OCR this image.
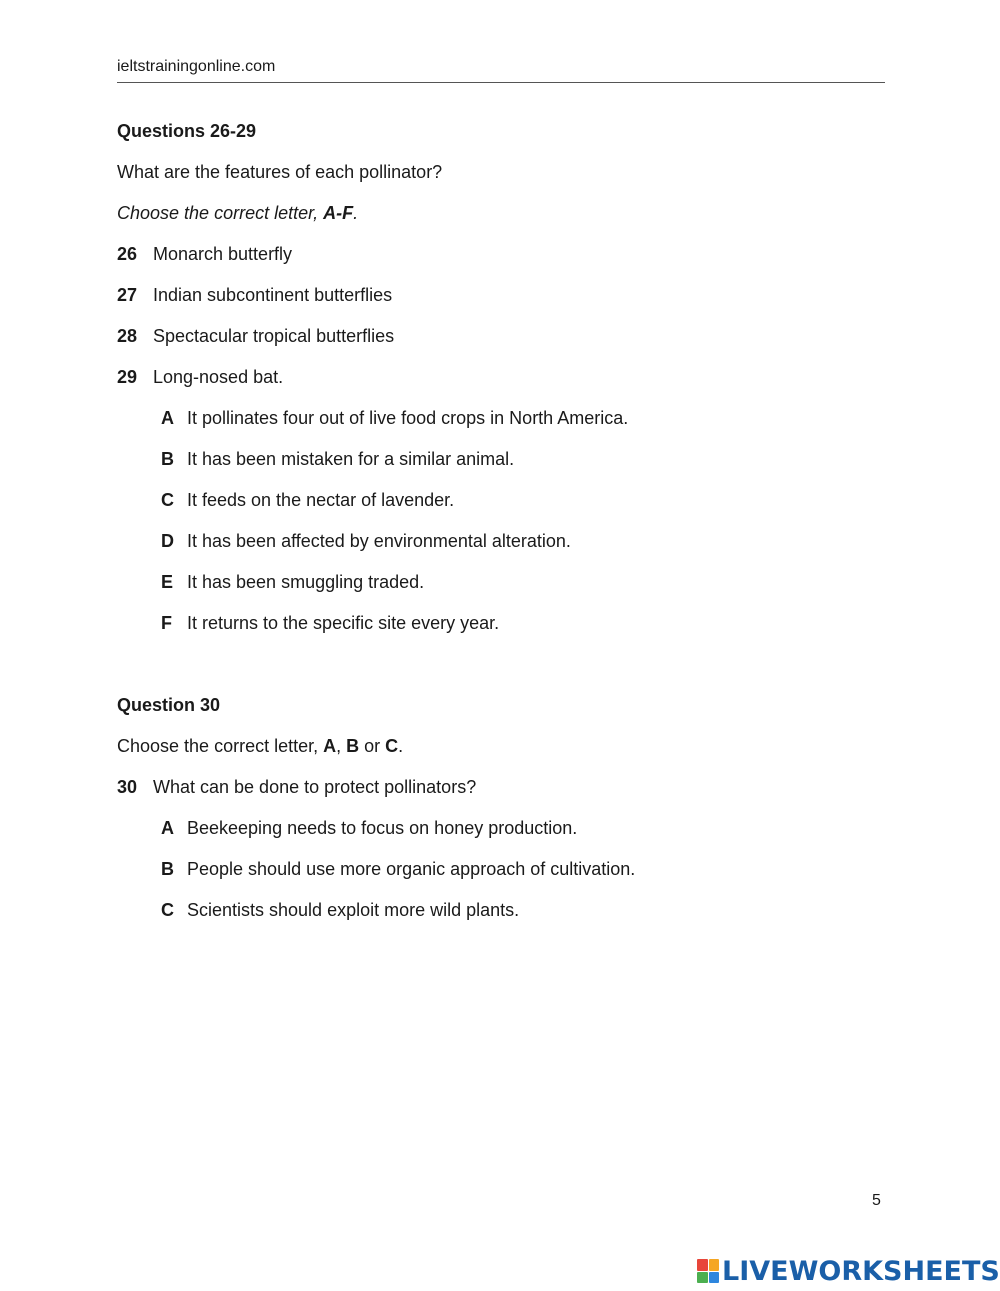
ieltstrainingonline.com
Questions 26-29
What are the features of each pollinator?
Choose the correct letter, A-F.
26 Monarch butterfly
27 Indian subcontinent butterflies
28 Spectacular tropical butterflies
29 Long-nosed bat.
A It pollinates four out of live food crops in North America.
B It has been mistaken for a similar animal.
C It feeds on the nectar of lavender.
D It has been affected by environmental alteration.
E It has been smuggling traded.
F It returns to the specific site every year.
Question 30
Choose the correct letter, A, B or C.
30 What can be done to protect pollinators?
A Beekeeping needs to focus on honey production.
B People should use more organic approach of cultivation.
C Scientists should exploit more wild plants.
5
LIVEWORKSHEETS
